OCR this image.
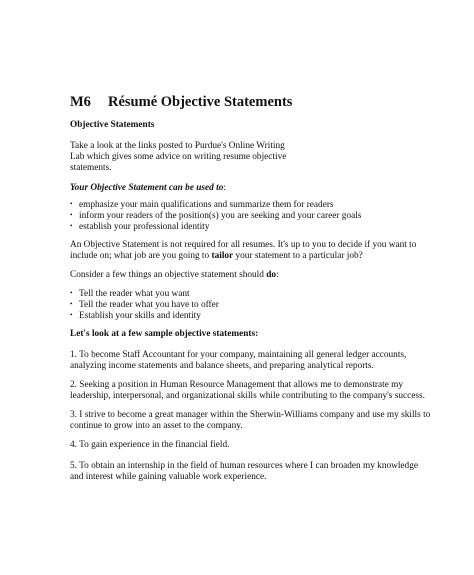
M6 Résumé Objective Statements
Objective Statements
Take a look at the links posted to Purdue's Online Writing
Lab which gives some advice on writing resume objective
statements.
Your Objective Statement can be used to:
• emphasize your main qualifications and summarize them for readers
• inform your readers of the position(s) you are seeking and your career goals
• establish your professional identity
An Objective Statement is not required for all resumes. It's up to you to decide if you want to
include on; what job are you going to tailor your statement to a particular job?
Consider a few things an objective statement should do:
• Tell the reader what you want
• Tell the reader what you have to offer
• Establish your skills and identity
Let's look at a few sample objective statements:
1. To become Staff Accountant for your company, maintaining all general ledger accounts,
analyzing income statements and balance sheets, and preparing analytical reports.
2. Seeking a position in Human Resource Management that allows me to demonstrate my
leadership, interpersonal, and organizational skills while contributing to the company's success.
3. I strive to become a great manager within the Sherwin-Williams company and use my skills to
continue to grow into an asset to the company.
4. To gain experience in the financial field.
5. To obtain an internship in the field of human resources where I can broaden my knowledge
and interest while gaining valuable work experience.
